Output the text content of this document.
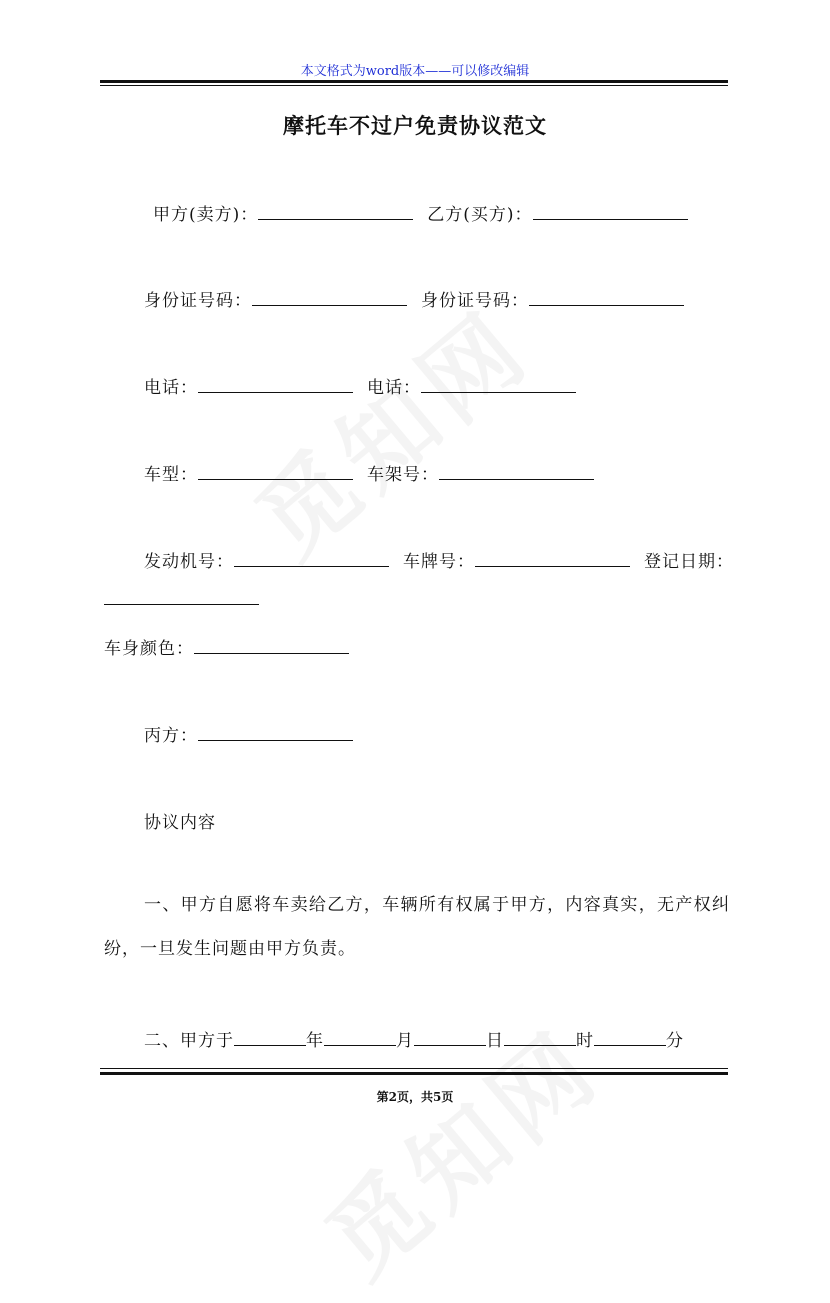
本文格式为word版本——可以修改编辑
摩托车不过户免责协议范文
甲方(卖方)：	乙方(买方)：
身份证号码：	身份证号码：
电话：	电话：
车型：	车架号：
发动机号：	车牌号：	登记日期：
车身颜色：
丙方：
协议内容
一、甲方自愿将车卖给乙方，车辆所有权属于甲方，内容真实，无产权纠纷，一旦发生问题由甲方负责。
二、甲方于	年	月	日	时	分
第2页，共5页
